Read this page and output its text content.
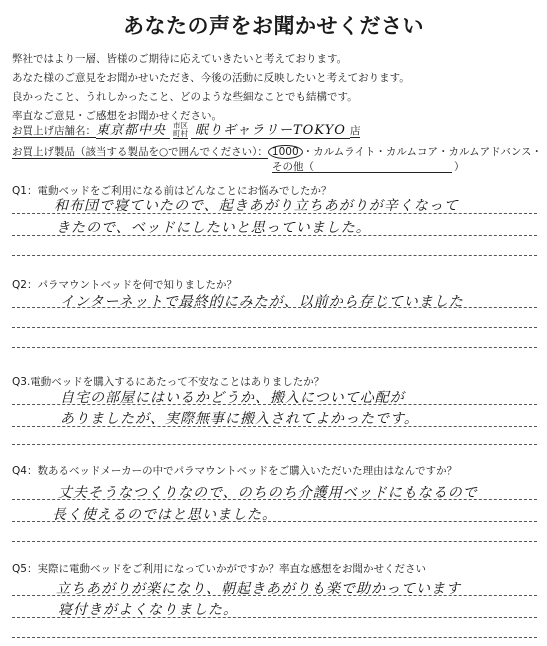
あなたの声をお聞かせください
弊社ではより一層、皆様のご期待に応えていきたいと考えております。
あなた様のご意見をお聞かせいただき、今後の活動に反映したいと考えております。
良かったこと、うれしかったこと、どのような些細なことでも結構です。
率直なご意見・ご感想をお聞かせください。
お買上げ店舗名：東京都中央 市区
町村 眠りギャラリーTOKYO 店
お買上げ製品（該当する製品を○で囲んでください）： 1000 ・カルムライト・カルムコア・カルムアドバンス・
その他（	）
Q1：電動ベッドをご利用になる前はどんなことにお悩みでしたか？
和布団で寝ていたので、起きあがり立ちあがりが辛くなって
きたので、ベッドにしたいと思っていました。
Q2：パラマウントベッドを何で知りましたか？
インターネットで最終的にみたが、以前から存じていました
Q3.電動ベッドを購入するにあたって不安なことはありましたか？
自宅の部屋にはいるかどうか、搬入について心配が
ありましたが、実際無事に搬入されてよかったです。
Q4：数あるベッドメーカーの中でパラマウントベッドをご購入いただいた理由はなんですか？
丈夫そうなつくりなので、のちのち介護用ベッドにもなるので
長く使えるのではと思いました。
Q5：実際に電動ベッドをご利用になっていかがですか？率直な感想をお聞かせください
立ちあがりが楽になり、朝起きあがりも楽で助かっています
寝付きがよくなりました。
